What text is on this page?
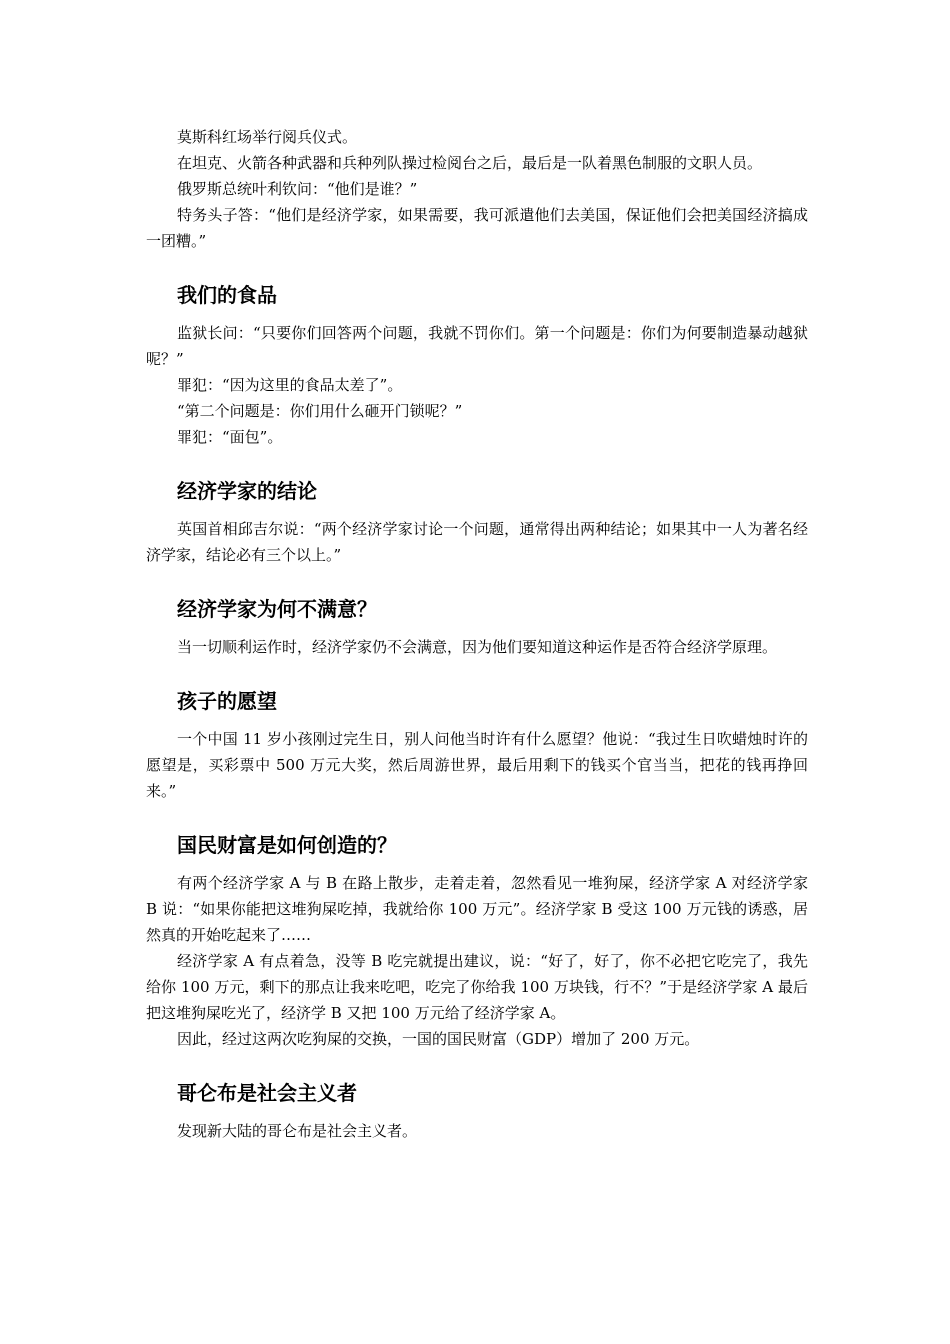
莫斯科红场举行阅兵仪式。

在坦克、火箭各种武器和兵种列队操过检阅台之后，最后是一队着黑色制服的文职人员。

俄罗斯总统叶利钦问：“他们是谁？”

特务头子答：“他们是经济学家，如果需要，我可派遣他们去美国，保证他们会把美国经济搞成一团糟。”

我们的食品

监狱长问：“只要你们回答两个问题，我就不罚你们。第一个问题是：你们为何要制造暴动越狱呢？”

罪犯：“因为这里的食品太差了”。

“第二个问题是：你们用什么砸开门锁呢？”

罪犯：“面包”。

经济学家的结论

英国首相邱吉尔说：“两个经济学家讨论一个问题，通常得出两种结论；如果其中一人为著名经济学家，结论必有三个以上。”

经济学家为何不满意？

当一切顺利运作时，经济学家仍不会满意，因为他们要知道这种运作是否符合经济学原理。

孩子的愿望

一个中国 11 岁小孩刚过完生日，别人问他当时许有什么愿望？他说：“我过生日吹蜡烛时许的愿望是，买彩票中 500 万元大奖，然后周游世界，最后用剩下的钱买个官当当，把花的钱再挣回来。”

国民财富是如何创造的？

有两个经济学家 A 与 B 在路上散步，走着走着，忽然看见一堆狗屎，经济学家 A 对经济学家 B 说：“如果你能把这堆狗屎吃掉，我就给你 100 万元”。经济学家 B 受这 100 万元钱的诱惑，居然真的开始吃起来了……

经济学家 A 有点着急，没等 B 吃完就提出建议，说：“好了，好了，你不必把它吃完了，我先给你 100 万元，剩下的那点让我来吃吧，吃完了你给我 100 万块钱，行不？”于是经济学家 A 最后把这堆狗屎吃光了，经济学 B 又把 100 万元给了经济学家 A。

因此，经过这两次吃狗屎的交换，一国的国民财富（GDP）增加了 200 万元。

哥仑布是社会主义者

发现新大陆的哥仑布是社会主义者。
